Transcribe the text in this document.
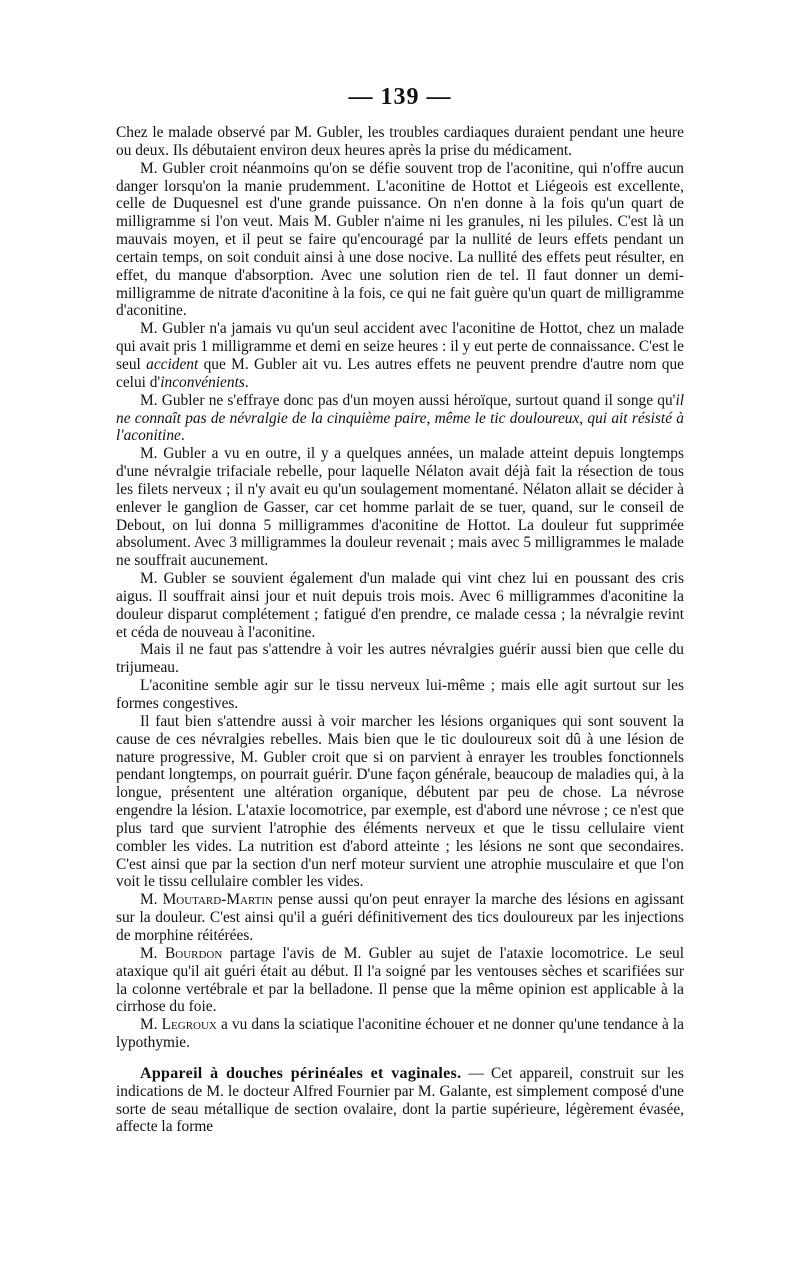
— 139 —

Chez le malade observé par M. Gubler, les troubles cardiaques duraient pendant une heure ou deux. Ils débutaient environ deux heures après la prise du médicament.

M. Gubler croit néanmoins qu'on se défie souvent trop de l'aconitine, qui n'offre aucun danger lorsqu'on la manie prudemment. L'aconitine de Hottot et Liégeois est excellente, celle de Duquesnel est d'une grande puissance. On n'en donne à la fois qu'un quart de milligramme si l'on veut. Mais M. Gubler n'aime ni les granules, ni les pilules. C'est là un mauvais moyen, et il peut se faire qu'encouragé par la nullité de leurs effets pendant un certain temps, on soit conduit ainsi à une dose nocive. La nullité des effets peut résulter, en effet, du manque d'absorption. Avec une solution rien de tel. Il faut donner un demi-milligramme de nitrate d'aconitine à la fois, ce qui ne fait guère qu'un quart de milligramme d'aconitine.

M. Gubler n'a jamais vu qu'un seul accident avec l'aconitine de Hottot, chez un malade qui avait pris 1 milligramme et demi en seize heures : il y eut perte de connaissance. C'est le seul accident que M. Gubler ait vu. Les autres effets ne peuvent prendre d'autre nom que celui d'inconvénients.

M. Gubler ne s'effraye donc pas d'un moyen aussi héroïque, surtout quand il songe qu'il ne connaît pas de névralgie de la cinquième paire, même le tic douloureux, qui ait résisté à l'aconitine.

M. Gubler a vu en outre, il y a quelques années, un malade atteint depuis longtemps d'une névralgie trifaciale rebelle, pour laquelle Nélaton avait déjà fait la résection de tous les filets nerveux ; il n'y avait eu qu'un soulagement momentané. Nélaton allait se décider à enlever le ganglion de Gasser, car cet homme parlait de se tuer, quand, sur le conseil de Debout, on lui donna 5 milligrammes d'aconitine de Hottot. La douleur fut supprimée absolument. Avec 3 milligrammes la douleur revenait ; mais avec 5 milligrammes le malade ne souffrait aucunement.

M. Gubler se souvient également d'un malade qui vint chez lui en poussant des cris aigus. Il souffrait ainsi jour et nuit depuis trois mois. Avec 6 milligrammes d'aconitine la douleur disparut complétement ; fatigué d'en prendre, ce malade cessa ; la névralgie revint et céda de nouveau à l'aconitine.

Mais il ne faut pas s'attendre à voir les autres névralgies guérir aussi bien que celle du trijumeau.

L'aconitine semble agir sur le tissu nerveux lui-même ; mais elle agit surtout sur les formes congestives.

Il faut bien s'attendre aussi à voir marcher les lésions organiques qui sont souvent la cause de ces névralgies rebelles. Mais bien que le tic douloureux soit dû à une lésion de nature progressive, M. Gubler croit que si on parvient à enrayer les troubles fonctionnels pendant longtemps, on pourrait guérir. D'une façon générale, beaucoup de maladies qui, à la longue, présentent une altération organique, débutent par peu de chose. La névrose engendre la lésion. L'ataxie locomotrice, par exemple, est d'abord une névrose ; ce n'est que plus tard que survient l'atrophie des éléments nerveux et que le tissu cellulaire vient combler les vides. La nutrition est d'abord atteinte ; les lésions ne sont que secondaires. C'est ainsi que par la section d'un nerf moteur survient une atrophie musculaire et que l'on voit le tissu cellulaire combler les vides.

M. Moutard-Martin pense aussi qu'on peut enrayer la marche des lésions en agissant sur la douleur. C'est ainsi qu'il a guéri définitivement des tics douloureux par les injections de morphine réitérées.

M. Bourdon partage l'avis de M. Gubler au sujet de l'ataxie locomotrice. Le seul ataxique qu'il ait guéri était au début. Il l'a soigné par les ventouses sèches et scarifiées sur la colonne vertébrale et par la belladone. Il pense que la même opinion est applicable à la cirrhose du foie.

M. Legroux a vu dans la sciatique l'aconitine échouer et ne donner qu'une tendance à la lypothymie.

Appareil à douches périnéales et vaginales. — Cet appareil, construit sur les indications de M. le docteur Alfred Fournier par M. Galante, est simplement composé d'une sorte de seau métallique de section ovalaire, dont la partie supérieure, légèrement évasée, affecte la forme
